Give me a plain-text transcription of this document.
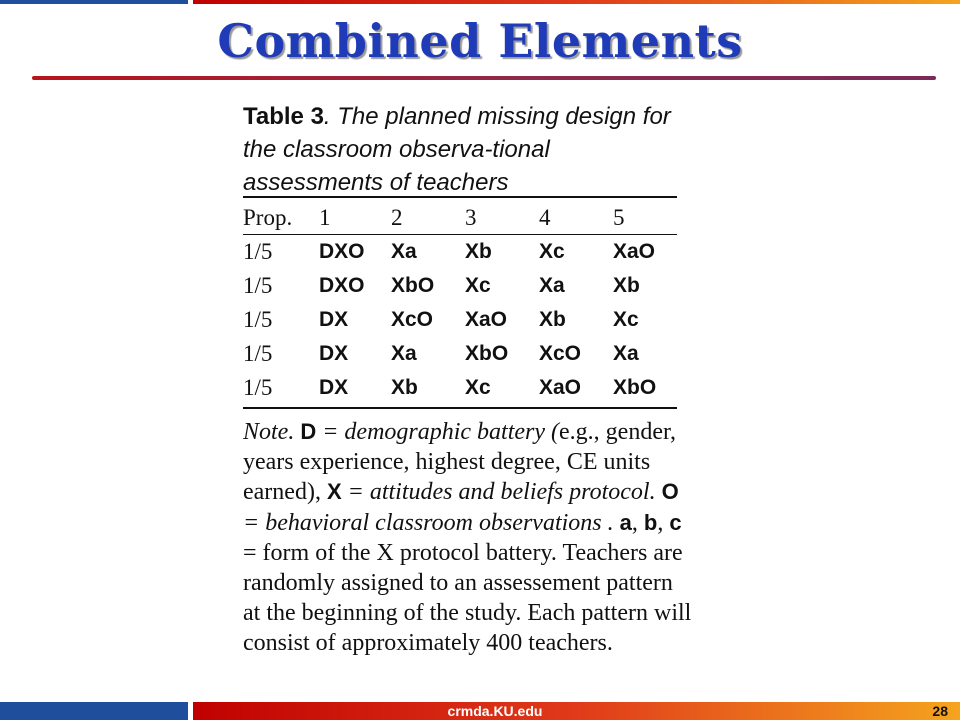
Combined Elements
Table 3. The planned missing design for the classroom observa-tional assessments of teachers
Prop.	1	2	3	4	5
1/5	DXO	Xa	Xb	Xc	XaO
1/5	DXO	XbO	Xc	Xa	Xb
1/5	DX	XcO	XaO	Xb	Xc
1/5	DX	Xa	XbO	XcO	Xa
1/5	DX	Xb	Xc	XaO	XbO
Note. D = demographic battery (e.g., gender, years experience, highest degree, CE units earned), X = attitudes and beliefs protocol. O = behavioral classroom observations . a, b, c = form of the X protocol battery. Teachers are randomly assigned to an assessement pattern at the beginning of the study. Each pattern will consist of approximately 400 teachers.
crmda.KU.edu	28
